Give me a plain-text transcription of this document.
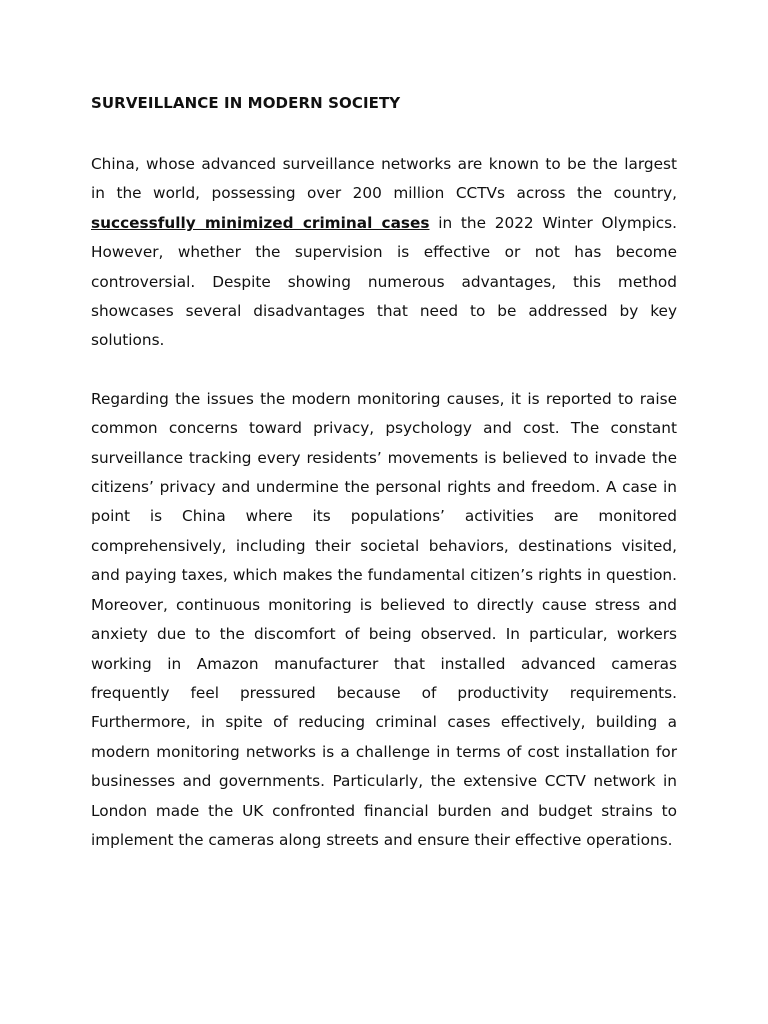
SURVEILLANCE IN MODERN SOCIETY

China, whose advanced surveillance networks are known to be the largest in the world, possessing over 200 million CCTVs across the country, successfully minimized criminal cases in the 2022 Winter Olympics. However, whether the supervision is effective or not has become controversial. Despite showing numerous advantages, this method showcases several disadvantages that need to be addressed by key solutions.

Regarding the issues the modern monitoring causes, it is reported to raise common concerns toward privacy, psychology and cost. The constant surveillance tracking every residents’ movements is believed to invade the citizens’ privacy and undermine the personal rights and freedom. A case in point is China where its populations’ activities are monitored comprehensively, including their societal behaviors, destinations visited, and paying taxes, which makes the fundamental citizen’s rights in question. Moreover, continuous monitoring is believed to directly cause stress and anxiety due to the discomfort of being observed. In particular, workers working in Amazon manufacturer that installed advanced cameras frequently feel pressured because of productivity requirements. Furthermore, in spite of reducing criminal cases effectively, building a modern monitoring networks is a challenge in terms of cost installation for businesses and governments. Particularly, the extensive CCTV network in London made the UK confronted financial burden and budget strains to implement the cameras along streets and ensure their effective operations.
